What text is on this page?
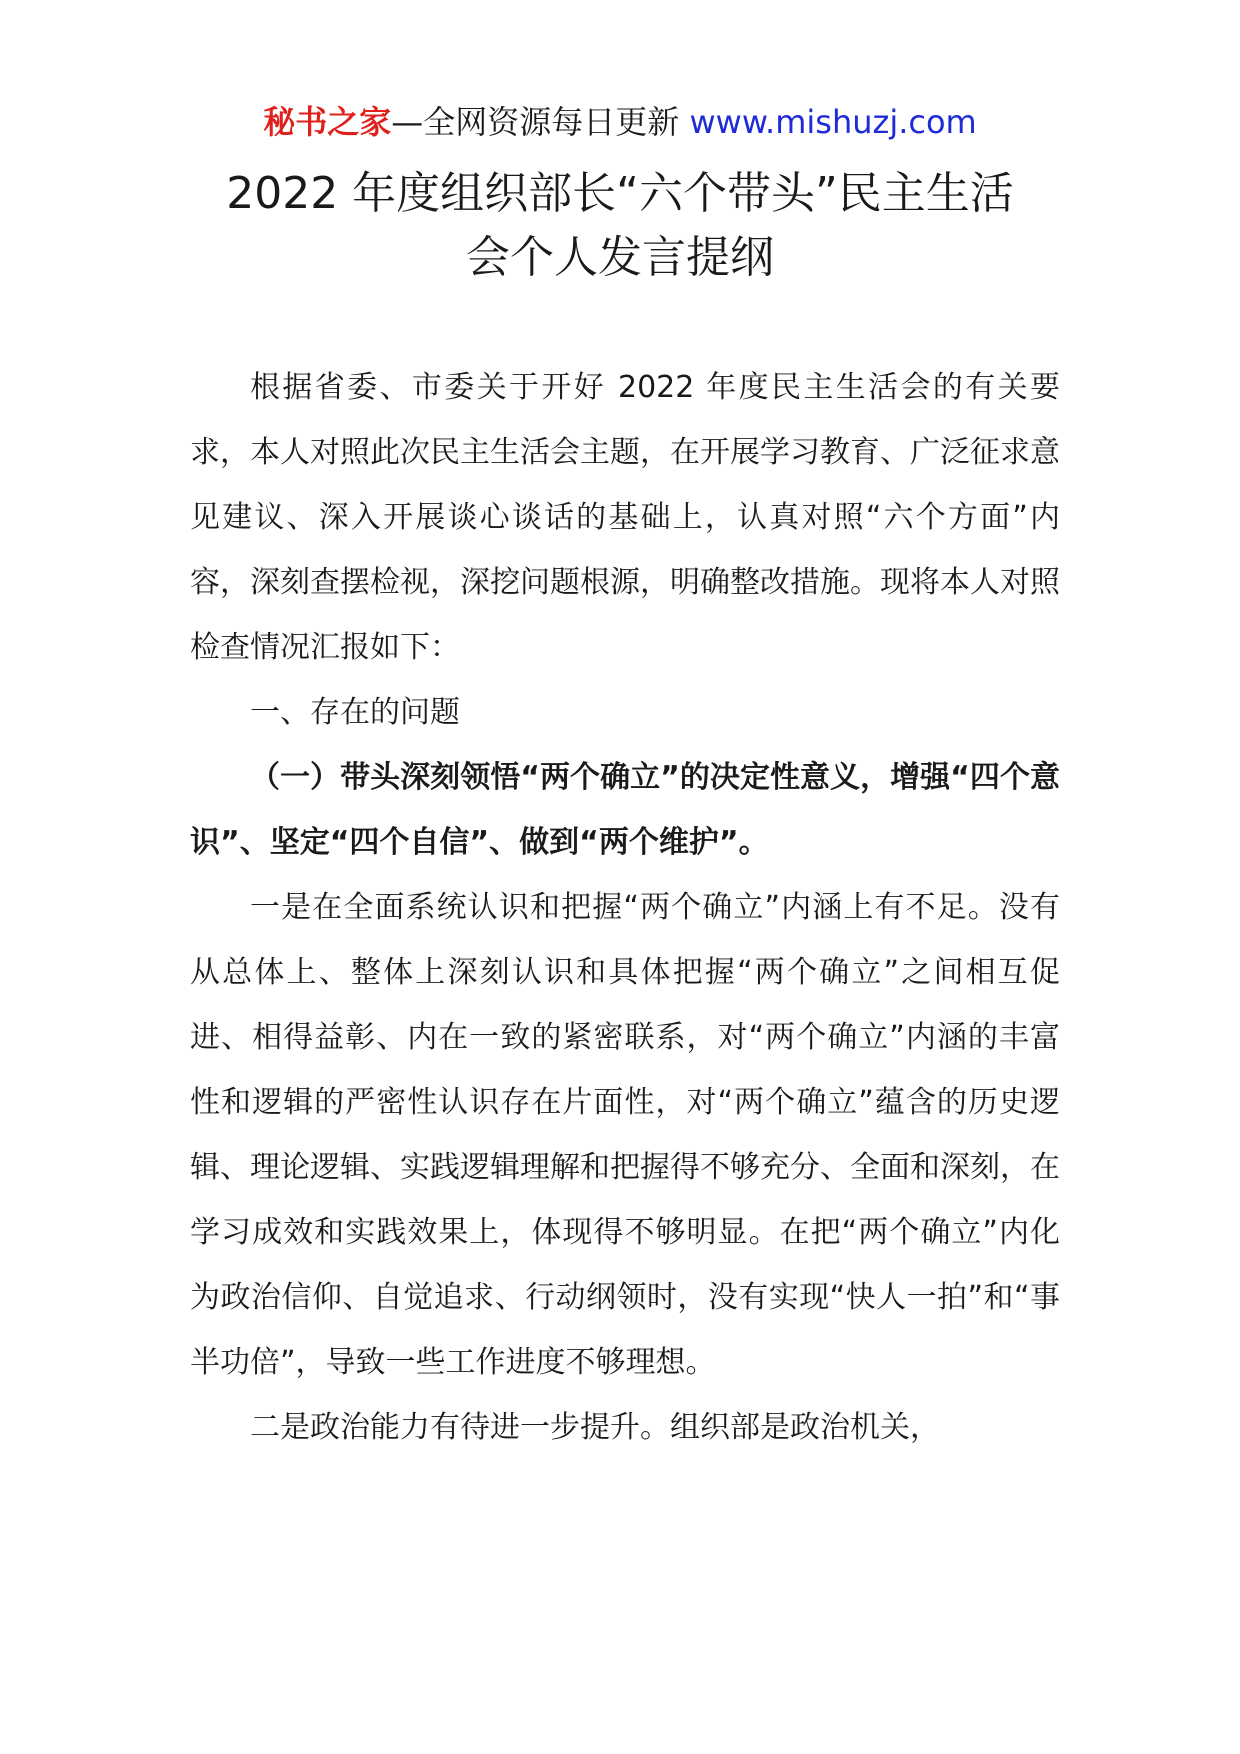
秘书之家—全网资源每日更新 www.mishuzj.com
2022 年度组织部长“六个带头”民主生活
会个人发言提纲

根据省委、市委关于开好 2022 年度民主生活会的有关要求，本人对照此次民主生活会主题，在开展学习教育、广泛征求意见建议、深入开展谈心谈话的基础上，认真对照“六个方面”内容，深刻查摆检视，深挖问题根源，明确整改措施。现将本人对照检查情况汇报如下：

一、存在的问题

（一）带头深刻领悟“两个确立”的决定性意义，增强“四个意识”、坚定“四个自信”、做到“两个维护”。

一是在全面系统认识和把握“两个确立”内涵上有不足。没有从总体上、整体上深刻认识和具体把握“两个确立”之间相互促进、相得益彰、内在一致的紧密联系，对“两个确立”内涵的丰富性和逻辑的严密性认识存在片面性，对“两个确立”蕴含的历史逻辑、理论逻辑、实践逻辑理解和把握得不够充分、全面和深刻，在学习成效和实践效果上，体现得不够明显。在把“两个确立”内化为政治信仰、自觉追求、行动纲领时，没有实现“快人一拍”和“事半功倍”，导致一些工作进度不够理想。

二是政治能力有待进一步提升。组织部是政治机关，
